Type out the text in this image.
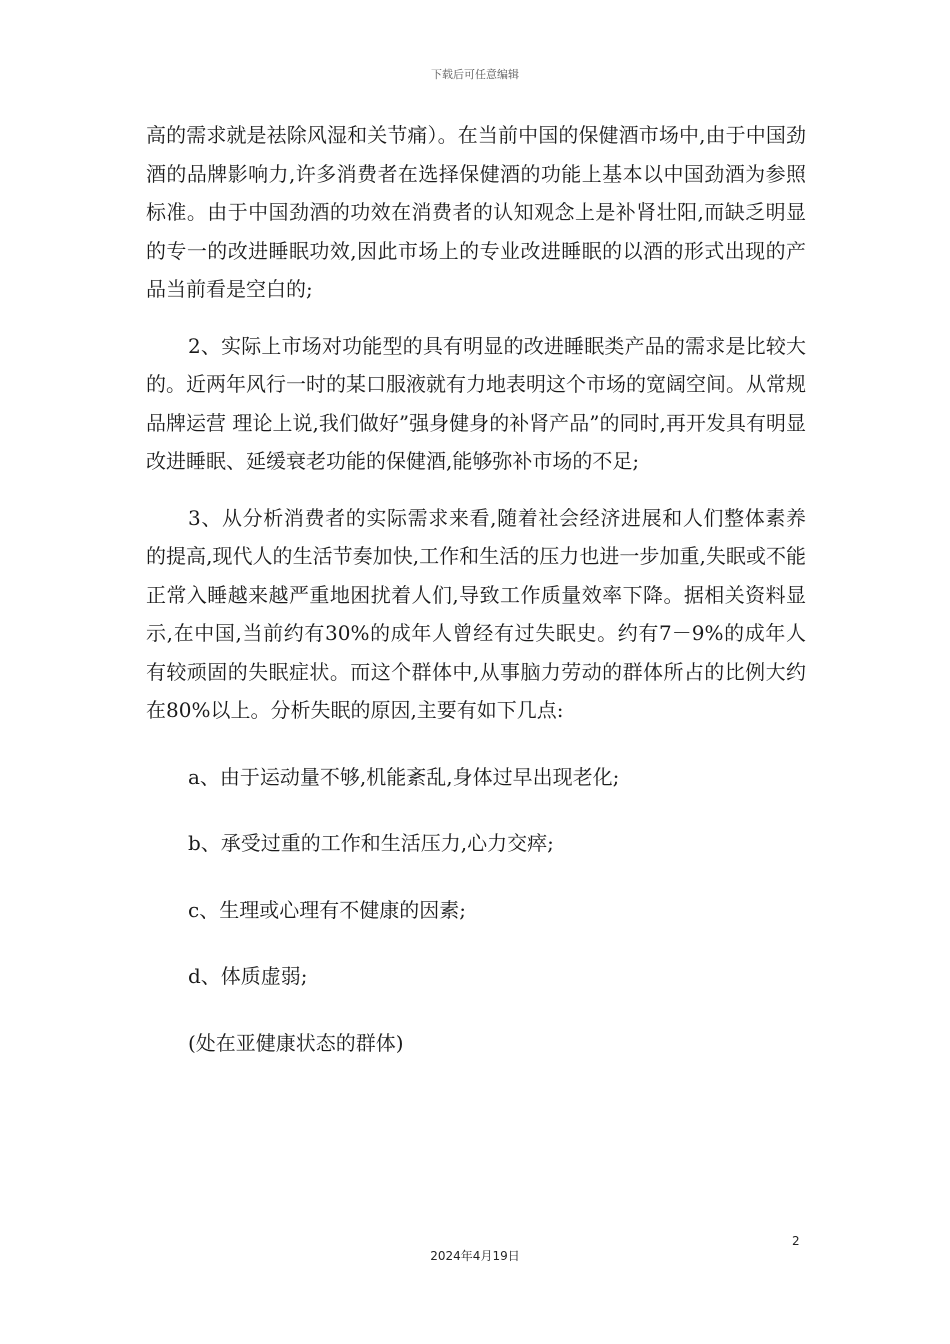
下载后可任意编辑

高的需求就是祛除风湿和关节痛）。在当前中国的保健酒市场中,由于中国劲酒的品牌影响力,许多消费者在选择保健酒的功能上基本以中国劲酒为参照标准。由于中国劲酒的功效在消费者的认知观念上是补肾壮阳,而缺乏明显的专一的改进睡眠功效,因此市场上的专业改进睡眠的以酒的形式出现的产品当前看是空白的;

2、实际上市场对功能型的具有明显的改进睡眠类产品的需求是比较大的。近两年风行一时的某口服液就有力地表明这个市场的宽阔空间。从常规品牌运营 理论上说,我们做好”强身健身的补肾产品”的同时,再开发具有明显改进睡眠、延缓衰老功能的保健酒,能够弥补市场的不足;

3、从分析消费者的实际需求来看,随着社会经济进展和人们整体素养的提高,现代人的生活节奏加快,工作和生活的压力也进一步加重,失眠或不能正常入睡越来越严重地困扰着人们,导致工作质量效率下降。据相关资料显示,在中国,当前约有30%的成年人曾经有过失眠史。约有7－9%的成年人有较顽固的失眠症状。而这个群体中,从事脑力劳动的群体所占的比例大约在80%以上。分析失眠的原因,主要有如下几点:

a、由于运动量不够,机能紊乱,身体过早出现老化;

b、承受过重的工作和生活压力,心力交瘁;

c、生理或心理有不健康的因素;

d、体质虚弱;

(处在亚健康状态的群体)

2
2024年4月19日
